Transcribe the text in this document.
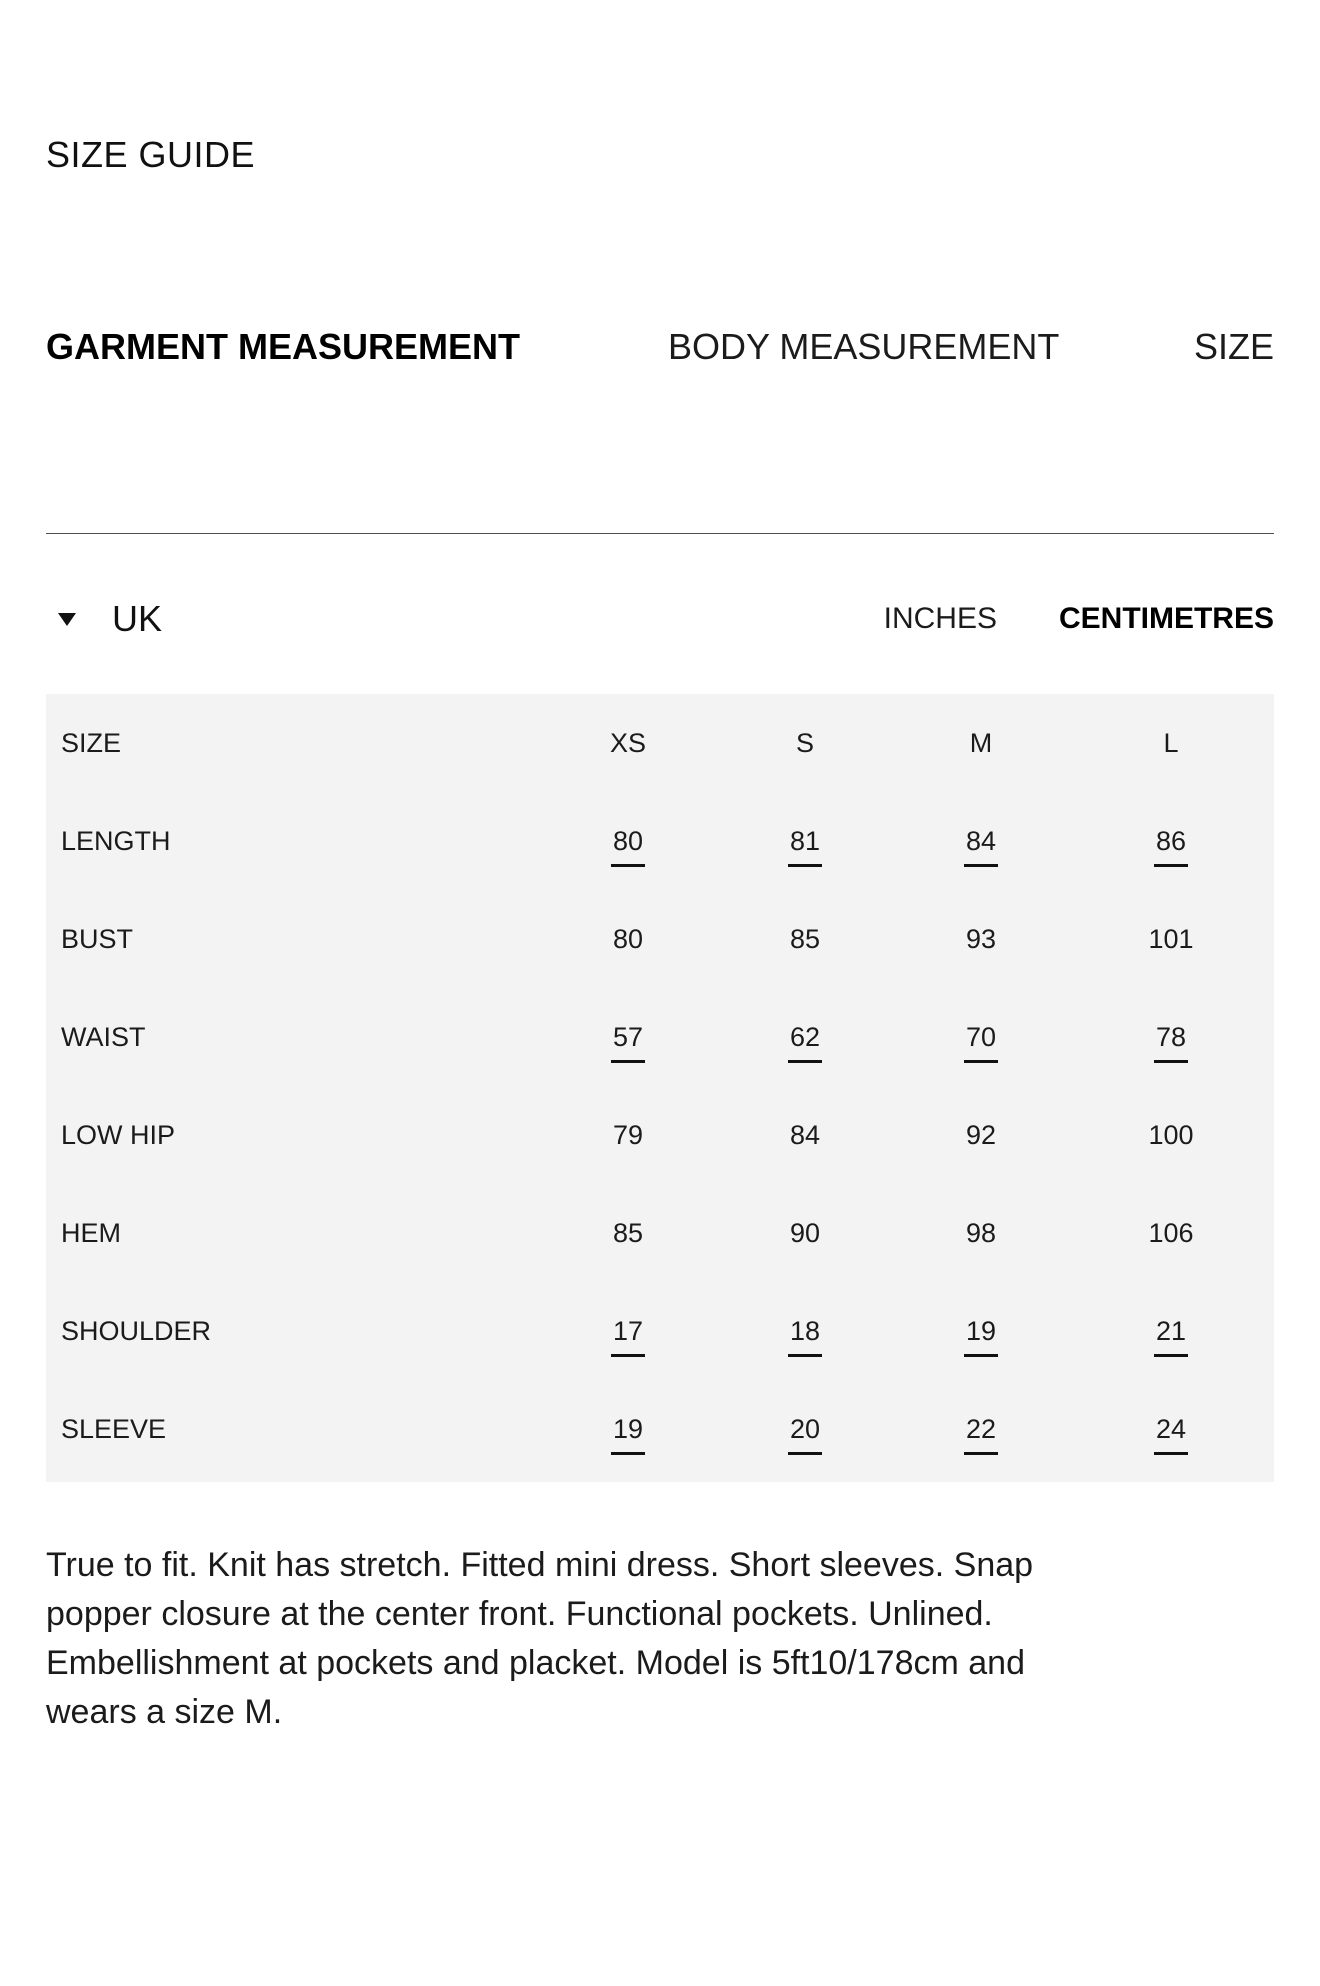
SIZE GUIDE
GARMENT MEASUREMENT	BODY MEASUREMENT	SIZE
UK	INCHES CENTIMETRES
SIZE	XS	S	M	L
LENGTH	80	81	84	86
BUST	80	85	93	101
WAIST	57	62	70	78
LOW HIP	79	84	92	100
HEM	85	90	98	106
SHOULDER	17	18	19	21
SLEEVE	19	20	22	24
True to fit. Knit has stretch. Fitted mini dress. Short sleeves. Snap popper closure at the center front. Functional pockets. Unlined. Embellishment at pockets and placket. Model is 5ft10/178cm and wears a size M.
